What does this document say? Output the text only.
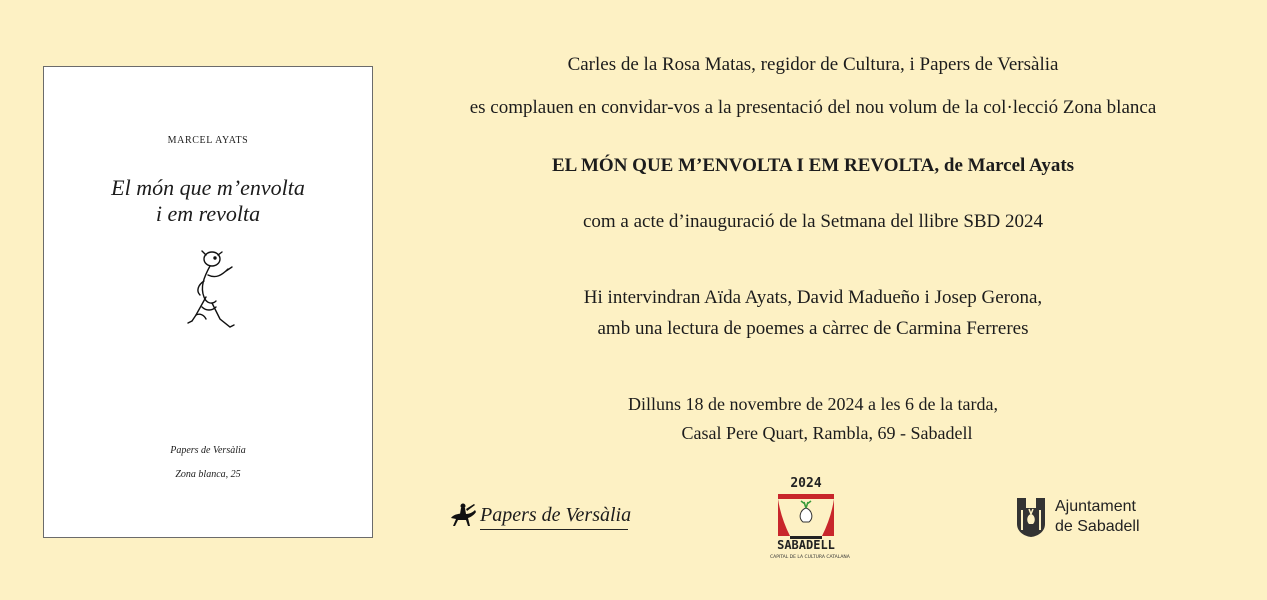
MARCEL AYATS
El món que m’envolta
i em revolta
Papers de Versàlia
Zona blanca, 25
Carles de la Rosa Matas, regidor de Cultura, i Papers de Versàlia
es complauen en convidar-vos a la presentació del nou volum de la col·lecció Zona blanca
EL MÓN QUE M’ENVOLTA I EM REVOLTA, de Marcel Ayats
com a acte d’inauguració de la Setmana del llibre SBD 2024
Hi intervindran Aïda Ayats, David Madueño i Josep Gerona,
amb una lectura de poemes a càrrec de Carmina Ferreres
Dilluns 18 de novembre de 2024 a les 6 de la tarda,
Casal Pere Quart, Rambla, 69 - Sabadell
Papers de Versàlia
2024
SABADELL
CAPITAL DE LA CULTURA CATALANA
Ajuntament
de Sabadell
